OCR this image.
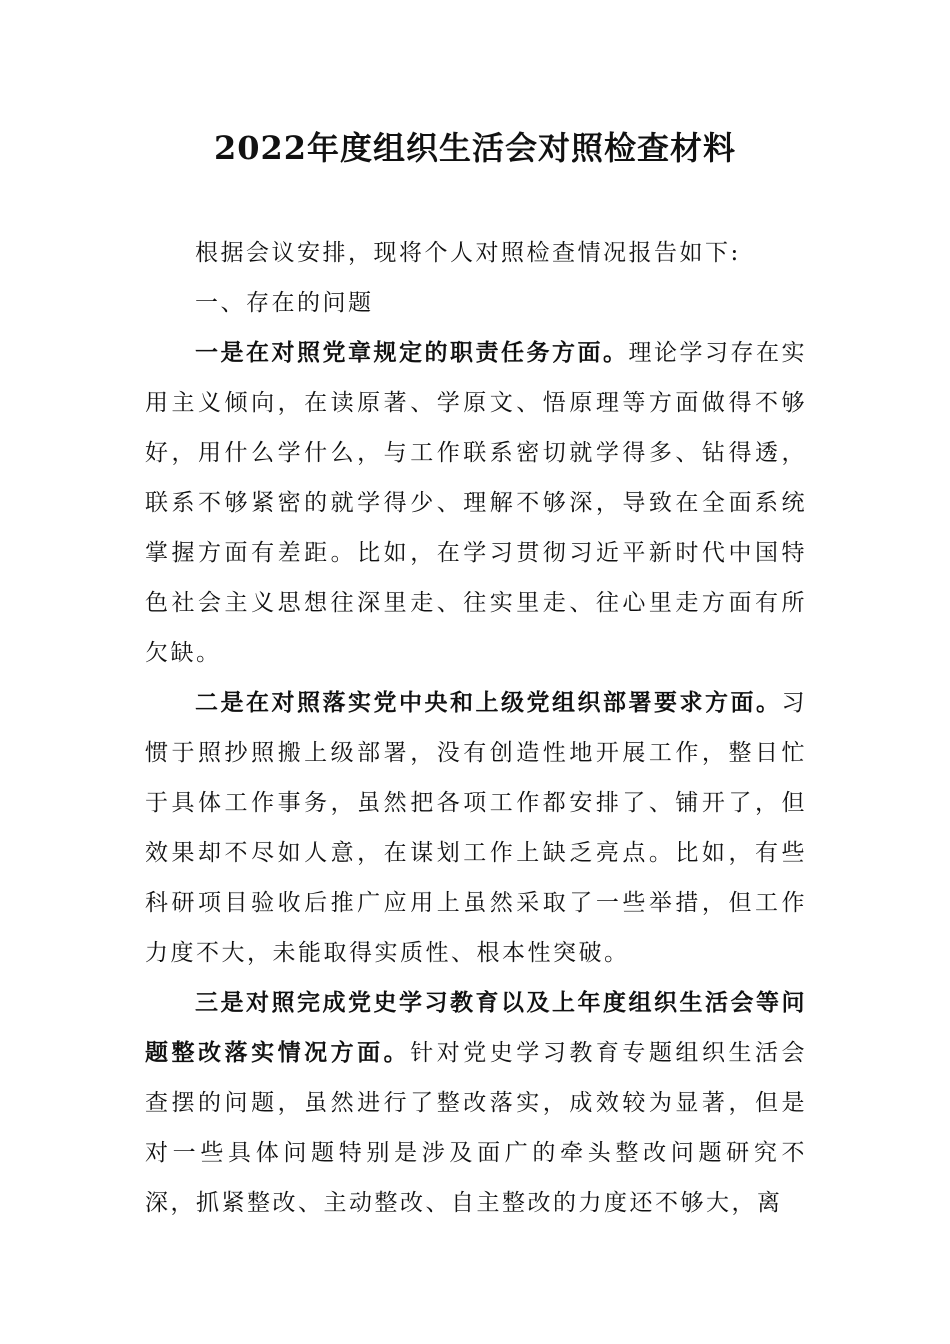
2022年度组织生活会对照检查材料

根据会议安排，现将个人对照检查情况报告如下:

一、存在的问题

一是在对照党章规定的职责任务方面。理论学习存在实用主义倾向，在读原著、学原文、悟原理等方面做得不够好，用什么学什么，与工作联系密切就学得多、钻得透，联系不够紧密的就学得少、理解不够深，导致在全面系统掌握方面有差距。比如，在学习贯彻习近平新时代中国特色社会主义思想往深里走、往实里走、往心里走方面有所欠缺。

二是在对照落实党中央和上级党组织部署要求方面。习惯于照抄照搬上级部署，没有创造性地开展工作，整日忙于具体工作事务，虽然把各项工作都安排了、铺开了，但效果却不尽如人意，在谋划工作上缺乏亮点。比如，有些科研项目验收后推广应用上虽然采取了一些举措，但工作力度不大，未能取得实质性、根本性突破。

三是对照完成党史学习教育以及上年度组织生活会等问题整改落实情况方面。针对党史学习教育专题组织生活会查摆的问题，虽然进行了整改落实，成效较为显著，但是对一些具体问题特别是涉及面广的牵头整改问题研究不深，抓紧整改、主动整改、自主整改的力度还不够大，离
